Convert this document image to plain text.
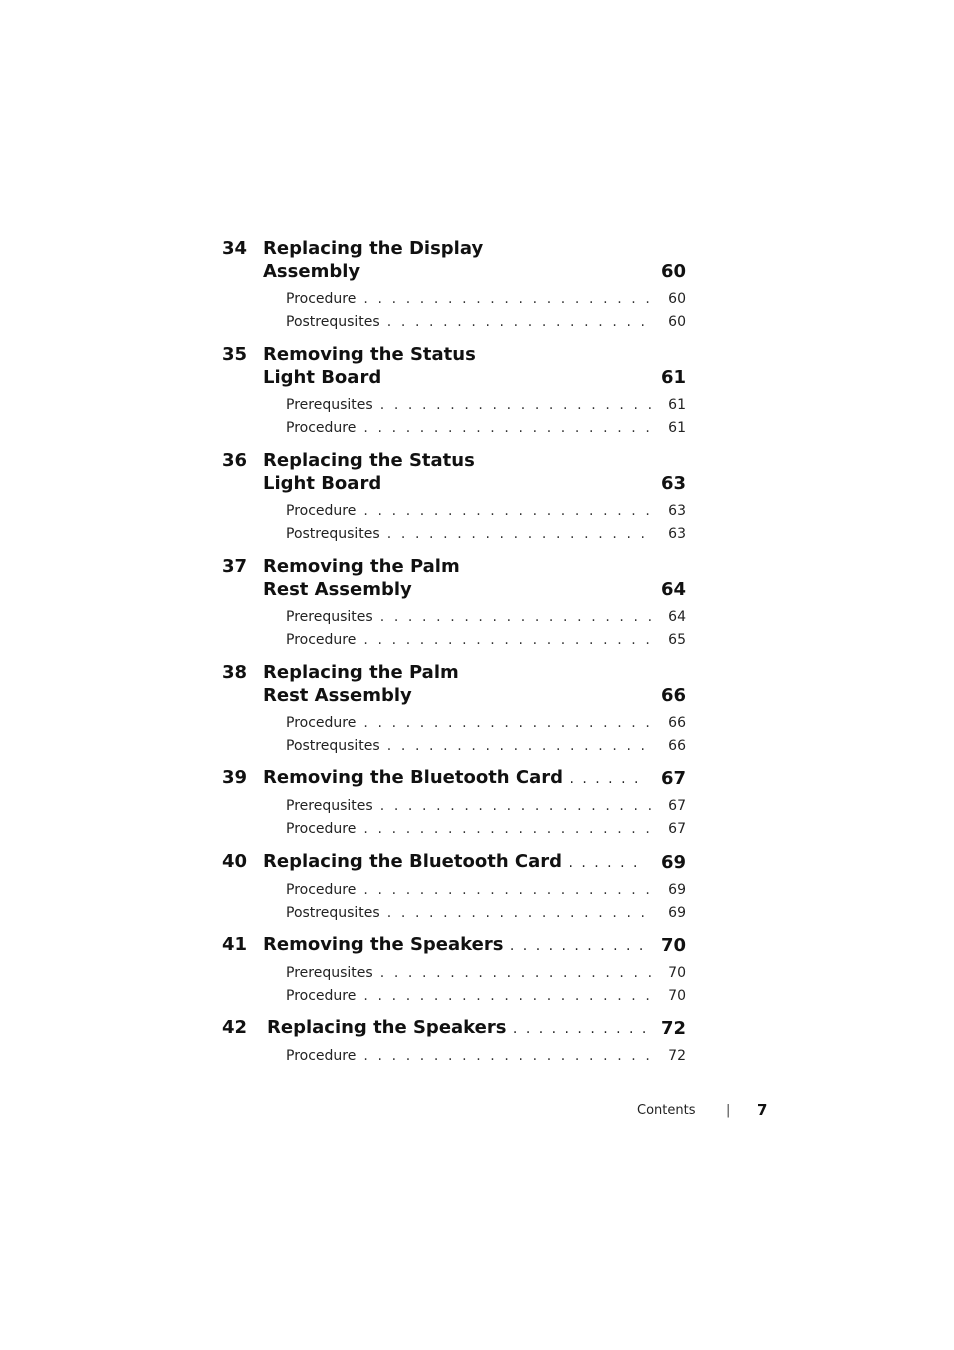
34 Replacing the Display
Assembly	60
Procedure . . .	60
Postrequsites . . .	60
35 Removing the Status
Light Board	61
Prerequsites . . .	61
Procedure . . .	61
36 Replacing the Status
Light Board	63
Procedure . . .	63
Postrequsites . . .	63
37 Removing the Palm
Rest Assembly	64
Prerequsites . . .	64
Procedure . . .	65
38 Replacing the Palm
Rest Assembly	66
Procedure . . .	66
Postrequsites . . .	66
39 Removing the Bluetooth Card . . .	67
Prerequsites . . .	67
Procedure . . .	67
40 Replacing the Bluetooth Card . . .	69
Procedure . . .	69
Postrequsites . . .	69
41 Removing the Speakers . . .	70
Prerequsites . . .	70
Procedure . . .	70
42 Replacing the Speakers . . .	72
Procedure . . .	72
Contents | 7
